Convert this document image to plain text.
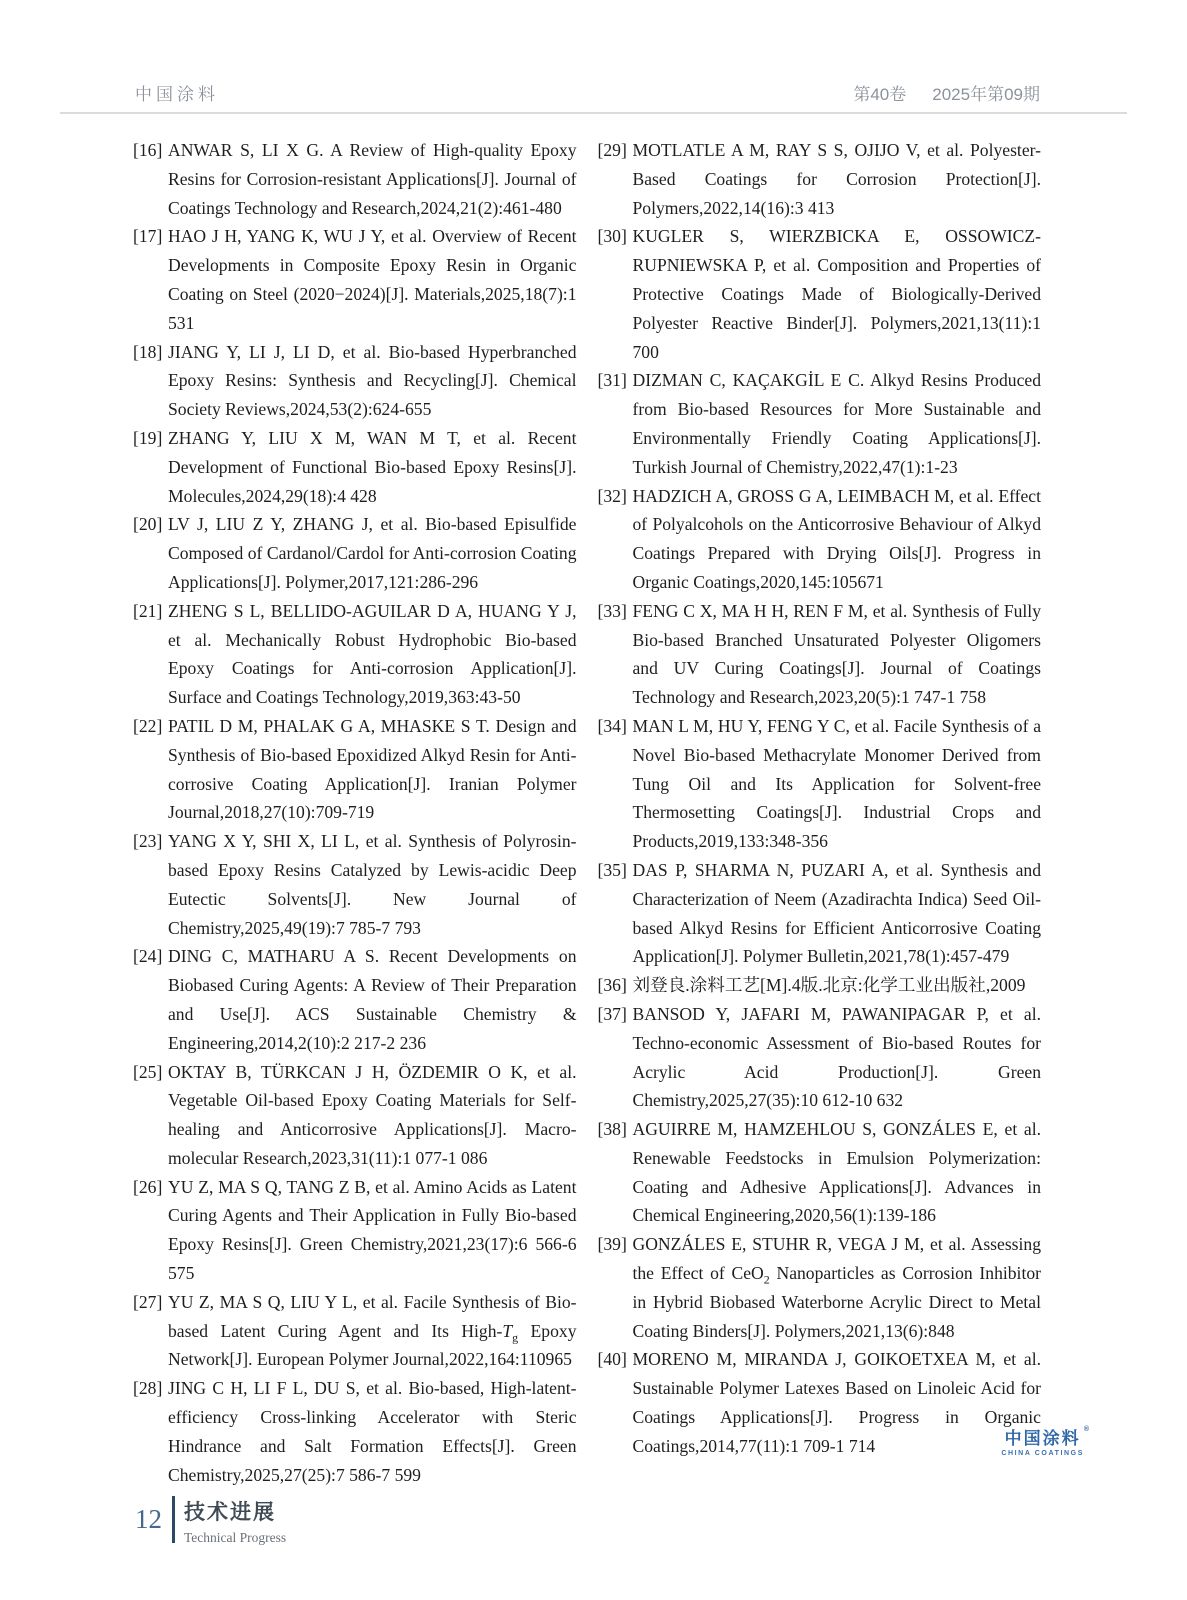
中国涂料	第40卷 2025年第09期
[16] ANWAR S, LI X G. A Review of High-quality Epoxy Resins for Corrosion-resistant Applications[J]. Journal of Coatings Technology and Research,2024,21(2):461-480
[17] HAO J H, YANG K, WU J Y, et al. Overview of Recent Developments in Composite Epoxy Resin in Organic Coating on Steel (2020−2024)[J]. Materials,2025,18(7):1 531
[18] JIANG Y, LI J, LI D, et al. Bio-based Hyperbranched Epoxy Resins: Synthesis and Recycling[J]. Chemical Society Reviews,2024,53(2):624-655
[19] ZHANG Y, LIU X M, WAN M T, et al. Recent Development of Functional Bio-based Epoxy Resins[J]. Molecules,2024,29(18):4 428
[20] LV J, LIU Z Y, ZHANG J, et al. Bio-based Episulfide Composed of Cardanol/Cardol for Anti-corrosion Coating Applications[J]. Polymer,2017,121:286-296
[21] ZHENG S L, BELLIDO-AGUILAR D A, HUANG Y J, et al. Mechanically Robust Hydrophobic Bio-based Epoxy Coatings for Anti-corrosion Application[J]. Surface and Coatings Technology,2019,363:43-50
[22] PATIL D M, PHALAK G A, MHASKE S T. Design and Synthesis of Bio-based Epoxidized Alkyd Resin for Anti-corrosive Coating Application[J]. Iranian Polymer Journal,2018,27(10):709-719
[23] YANG X Y, SHI X, LI L, et al. Synthesis of Polyrosin-based Epoxy Resins Catalyzed by Lewis-acidic Deep Eutectic Solvents[J]. New Journal of Chemistry,2025,49(19):7 785-7 793
[24] DING C, MATHARU A S. Recent Developments on Biobased Curing Agents: A Review of Their Preparation and Use[J]. ACS Sustainable Chemistry & Engineering,2014,2(10):2 217-2 236
[25] OKTAY B, TÜRKCAN J H, ÖZDEMIR O K, et al. Vegetable Oil-based Epoxy Coating Materials for Self-healing and Anticorrosive Applications[J]. Macro-molecular Research,2023,31(11):1 077-1 086
[26] YU Z, MA S Q, TANG Z B, et al. Amino Acids as Latent Curing Agents and Their Application in Fully Bio-based Epoxy Resins[J]. Green Chemistry,2021,23(17):6 566-6 575
[27] YU Z, MA S Q, LIU Y L, et al. Facile Synthesis of Bio-based Latent Curing Agent and Its High-$T_g$ Epoxy Network[J]. European Polymer Journal,2022,164:110965
[28] JING C H, LI F L, DU S, et al. Bio-based, High-latent-efficiency Cross-linking Accelerator with Steric Hindrance and Salt Formation Effects[J]. Green Chemistry,2025,27(25):7 586-7 599
[29] MOTLATLE A M, RAY S S, OJIJO V, et al. Polyester-Based Coatings for Corrosion Protection[J]. Polymers,2022,14(16):3 413
[30] KUGLER S, WIERZBICKA E, OSSOWICZ-RUPNIEWSKA P, et al. Composition and Properties of Protective Coatings Made of Biologically-Derived Polyester Reactive Binder[J]. Polymers,2021,13(11):1 700
[31] DIZMAN C, KAÇAKGİL E C. Alkyd Resins Produced from Bio-based Resources for More Sustainable and Environmentally Friendly Coating Applications[J]. Turkish Journal of Chemistry,2022,47(1):1-23
[32] HADZICH A, GROSS G A, LEIMBACH M, et al. Effect of Polyalcohols on the Anticorrosive Behaviour of Alkyd Coatings Prepared with Drying Oils[J]. Progress in Organic Coatings,2020,145:105671
[33] FENG C X, MA H H, REN F M, et al. Synthesis of Fully Bio-based Branched Unsaturated Polyester Oligomers and UV Curing Coatings[J]. Journal of Coatings Technology and Research,2023,20(5):1 747-1 758
[34] MAN L M, HU Y, FENG Y C, et al. Facile Synthesis of a Novel Bio-based Methacrylate Monomer Derived from Tung Oil and Its Application for Solvent-free Thermosetting Coatings[J]. Industrial Crops and Products,2019,133:348-356
[35] DAS P, SHARMA N, PUZARI A, et al. Synthesis and Characterization of Neem (Azadirachta Indica) Seed Oil-based Alkyd Resins for Efficient Anticorrosive Coating Application[J]. Polymer Bulletin,2021,78(1):457-479
[36] 刘登良.涂料工艺[M].4版.北京:化学工业出版社,2009
[37] BANSOD Y, JAFARI M, PAWANIPAGAR P, et al. Techno-economic Assessment of Bio-based Routes for Acrylic Acid Production[J]. Green Chemistry,2025,27(35):10 612-10 632
[38] AGUIRRE M, HAMZEHLOU S, GONZÁLES E, et al. Renewable Feedstocks in Emulsion Polymerization: Coating and Adhesive Applications[J]. Advances in Chemical Engineering,2020,56(1):139-186
[39] GONZÁLES E, STUHR R, VEGA J M, et al. Assessing the Effect of CeO$_2$ Nanoparticles as Corrosion Inhibitor in Hybrid Biobased Waterborne Acrylic Direct to Metal Coating Binders[J]. Polymers,2021,13(6):848
[40] MORENO M, MIRANDA J, GOIKOETXEA M, et al. Sustainable Polymer Latexes Based on Linoleic Acid for Coatings Applications[J]. Progress in Organic Coatings,2014,77(11):1 709-1 714	中国涂料 ®
CHINA COATINGS
12 技术进展
Technical Progress
